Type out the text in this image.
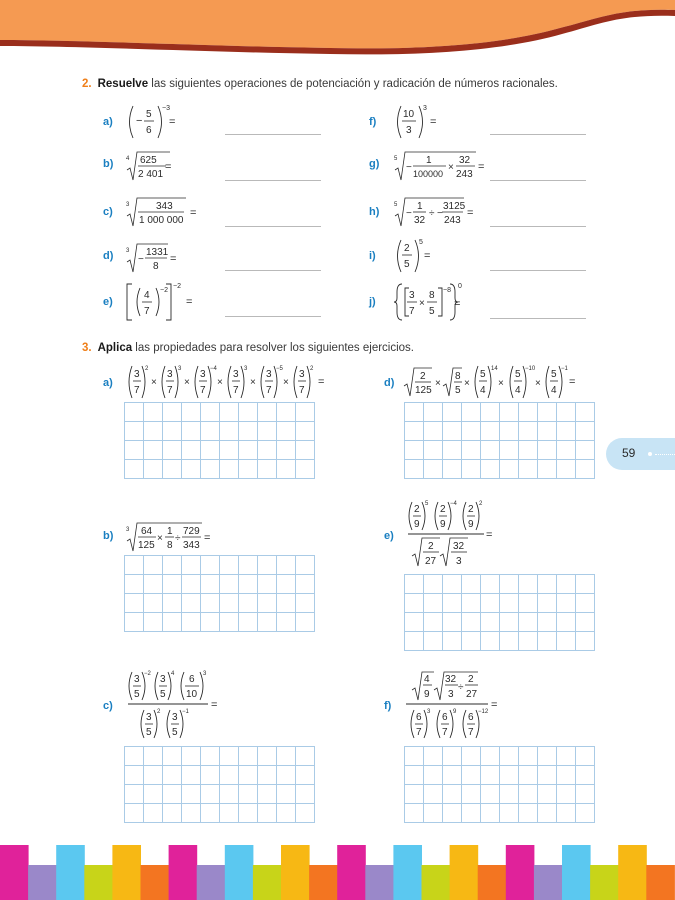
2. Resuelve las siguientes operaciones de potenciación y radicación de números racionales.
a) −
5
6
−3
=
b) 4 625
2 401
=
c)
3	343
1 000 000
=
d) 3
−
1331
8
=
e)
4
7
−2
−2
=
f)
10
3
3
=
g) 5
−
1
100000
×
32
243
=
h)
5
−
1
32
÷ −
3125
243
=
i)
2
5
5
=
j)
3
7
×
8
5
−8
0
=
3. Aplica las propiedades para resolver los siguientes ejercicios.
a)
3
7
2
×
3
7
3
×
3
7
−4
×
3
7
3
×
3
7
−5
×
3
7
2
=	d)
2
125
×
8
5
×
5
4
14
×
5
4
−10
×
5
4
−1
=
59
b) 3 64
125
×
1
8
÷
729
343
=	e)
2
9
5 2
9
−4 2
9
2
2
27
32
3
=
c)
3
5
−2 3
5
4 6
10
3
3
5
2 3
5
−1
=	f)
4
9
32
3
÷
2
27
6
7
3 6
7
9 6
7
−12
=
